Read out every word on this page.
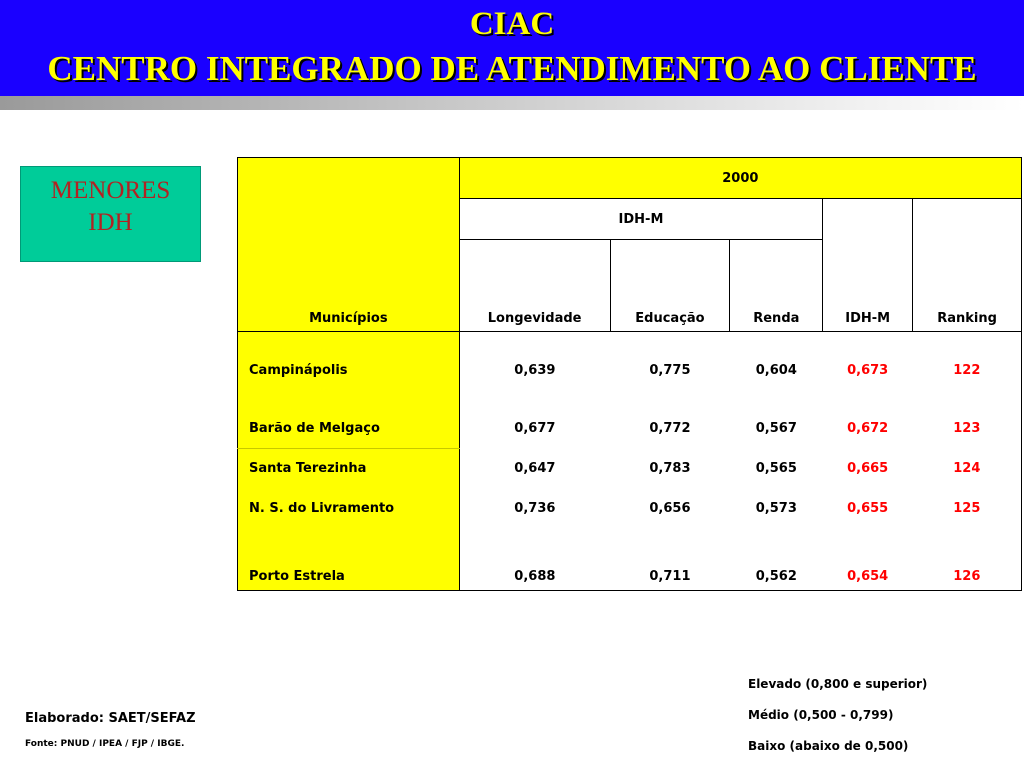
CIAC
CENTRO INTEGRADO DE ATENDIMENTO AO CLIENTE
MENORES
IDH
Municípios	2000				
	IDH-M			IDH-M	Ranking
	Longevidade	Educação	Renda		
Campinápolis	0,639	0,775	0,604	0,673	122
Barão de Melgaço	0,677	0,772	0,567	0,672	123
Santa Terezinha	0,647	0,783	0,565	0,665	124
N. S. do Livramento	0,736	0,656	0,573	0,655	125
Porto Estrela	0,688	0,711	0,562	0,654	126
Elaborado: SAET/SEFAZ
Fonte: PNUD / IPEA / FJP / IBGE.
Elevado (0,800 e superior)
Médio (0,500 - 0,799)
Baixo (abaixo de 0,500)
